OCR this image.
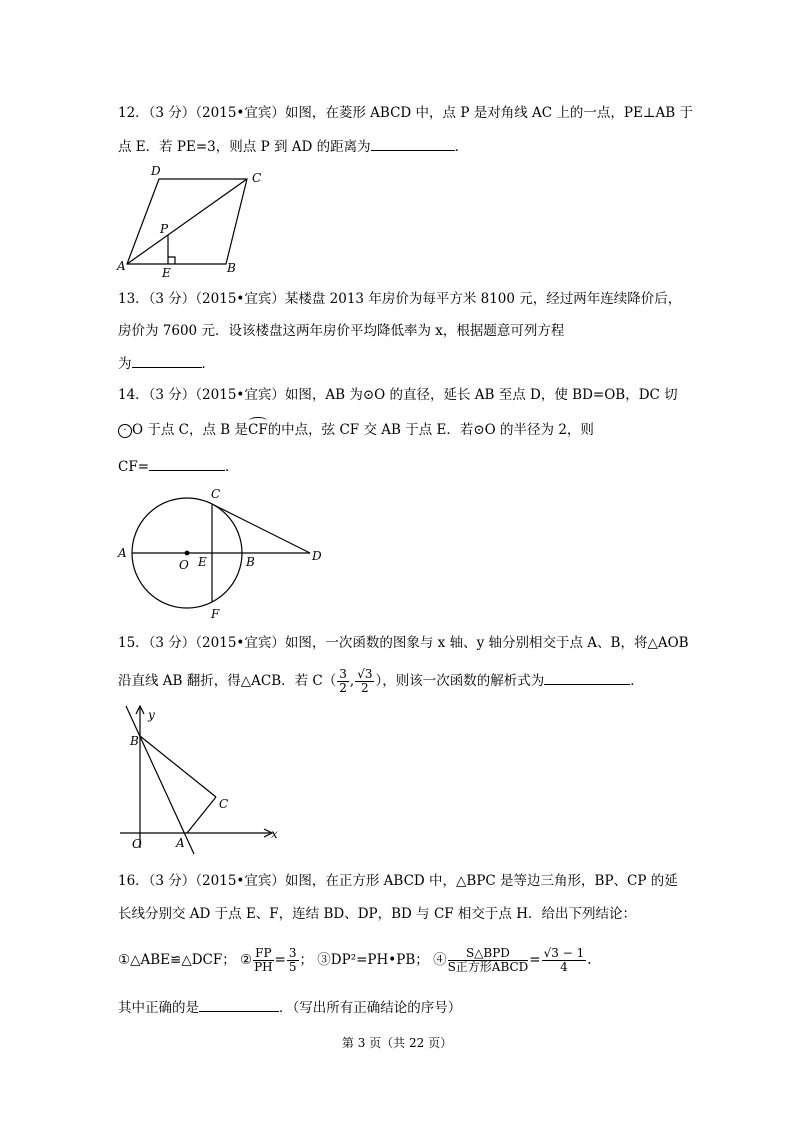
12．（3 分）（2015•宜宾）如图，在菱形 ABCD 中，点 P 是对角线 AC 上的一点，PE⊥AB 于
点 E．若 PE=3，则点 P 到 AD 的距离为	．
D	C
P
A	E	B
13．（3 分）（2015•宜宾）某楼盘 2013 年房价为每平方米 8100 元，经过两年连续降价后，
房价为 7600 元．设该楼盘这两年房价平均降低率为 x，根据题意可列方程
为	．
14．（3 分）（2015•宜宾）如图，AB 为⊙O 的直径，延长 AB 至点 D，使 BD=OB，DC 切
· O 于点 C，点 B 是CF的中点，弦 CF 交 AB 于点 E．若⊙O 的半径为 2，则
CF=	．
C
A
O E	B	D
F
15．（3 分）（2015•宜宾）如图，一次函数的图象与 x 轴、y 轴分别相交于点 A、B，将△AOB
沿直线 AB 翻折，得△ACB．若 $C( \frac{3}{2}$ , $\frac{√3}{2}$ ），则该一次函数的解析式为	．
y
B
C
x
O	A
16．（3 分）（2015•宜宾）如图，在正方形 ABCD 中，△BPC 是等边三角形，BP、CP 的延
长线分别交 AD 于点 E、F，连结 BD、DP，BD 与 CF 相交于点 H．给出下列结论：
①△ABE≌△DCF； ② $\frac{FP}{PH} = \frac{3}{5}$ ； ③DP²=PH•PB； ④ $\frac{\text{S△BPD}}{\text{S正方形ABCD}} = \frac{√3 - 1}{4}$ .
其中正确的是	．（写出所有正确结论的序号）
第 3 页（共 22 页）
